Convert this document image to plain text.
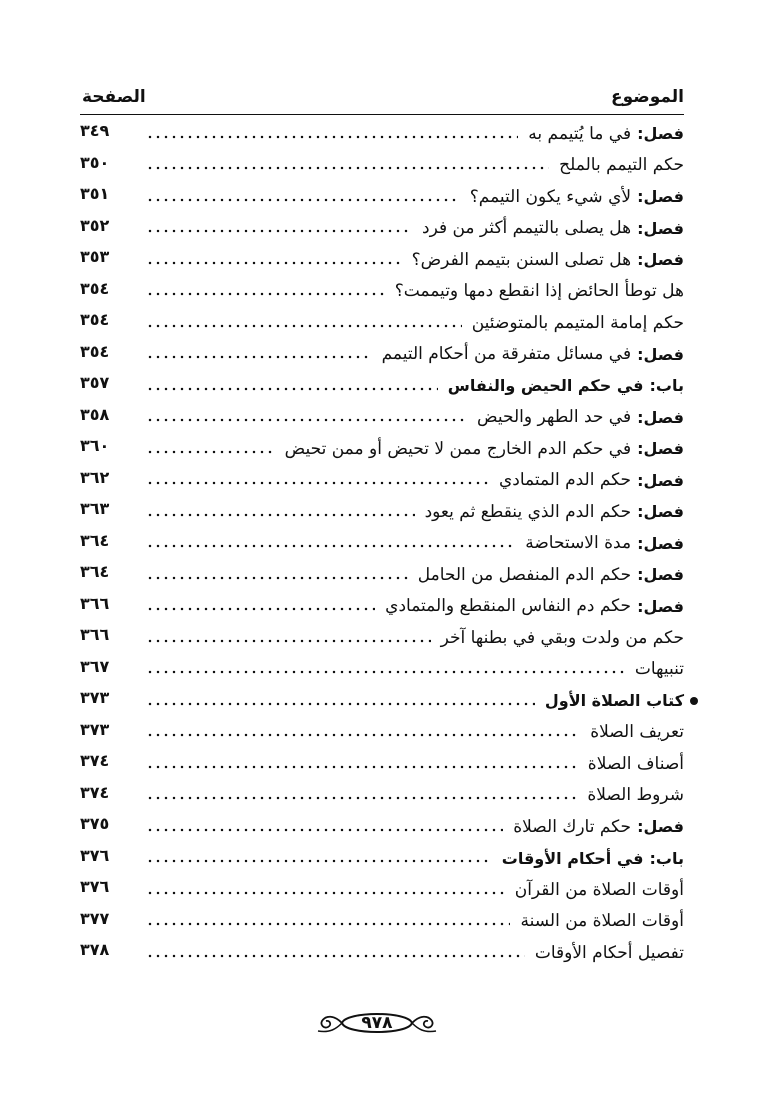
الموضوع
الصفحة
فصل:
في ما يُتيمم به
٣٤٩
حكم التيمم بالملح
٣٥٠
فصل:
لأي شيء يكون التيمم؟
٣٥١
فصل:
هل يصلى بالتيمم أكثر من فرد
٣٥٢
فصل:
هل تصلى السنن بتيمم الفرض؟
٣٥٣
هل توطأ الحائض إذا انقطع دمها وتيممت؟
٣٥٤
حكم إمامة المتيمم بالمتوضئين
٣٥٤
فصل:
في مسائل متفرقة من أحكام التيمم
٣٥٤
باب:
في حكم الحيض والنفاس
٣٥٧
فصل:
في حد الطهر والحيض
٣٥٨
فصل:
في حكم الدم الخارج ممن لا تحيض أو ممن تحيض
٣٦٠
فصل:
حكم الدم المتمادي
٣٦٢
فصل:
حكم الدم الذي ينقطع ثم يعود
٣٦٣
فصل:
مدة الاستحاضة
٣٦٤
فصل:
حكم الدم المنفصل من الحامل
٣٦٤
فصل:
حكم دم النفاس المنقطع والمتمادي
٣٦٦
حكم من ولدت وبقي في بطنها آخر
٣٦٦
تنبيهات
٣٦٧
كتاب الصلاة الأول
٣٧٣
تعريف الصلاة
٣٧٣
أصناف الصلاة
٣٧٤
شروط الصلاة
٣٧٤
فصل:
حكم تارك الصلاة
٣٧٥
باب:
في أحكام الأوقات
٣٧٦
أوقات الصلاة من القرآن
٣٧٦
أوقات الصلاة من السنة
٣٧٧
تفصيل أحكام الأوقات
٣٧٨
٩٧٨
